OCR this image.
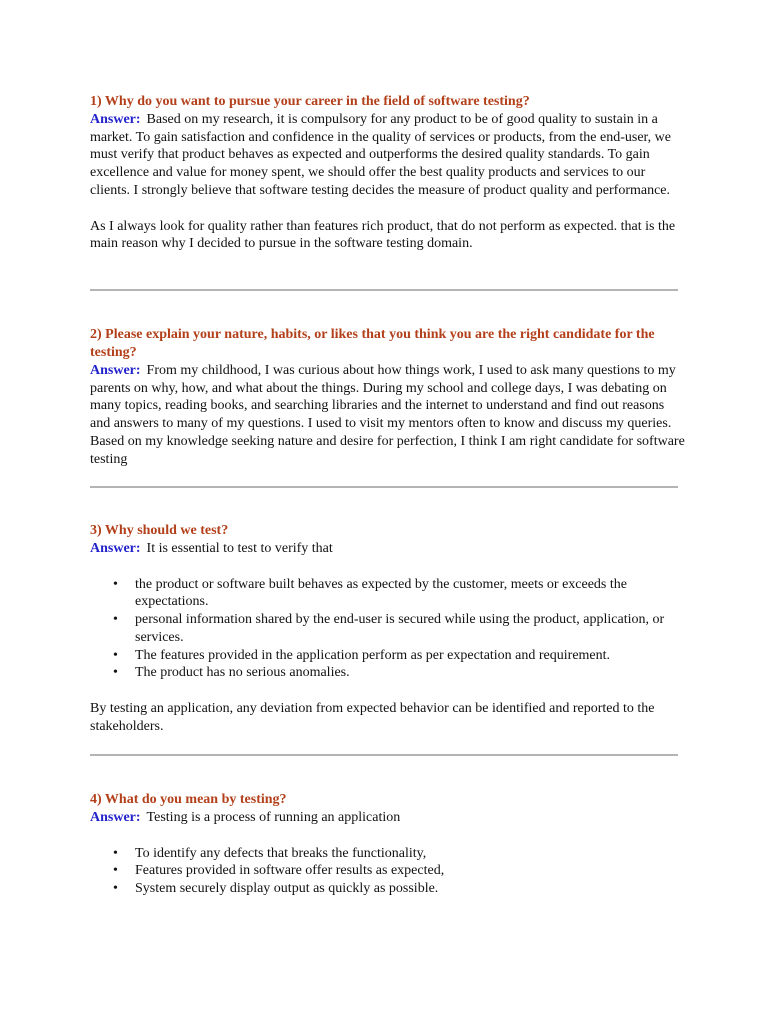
1) Why do you want to pursue your career in the field of software testing?

Answer: Based on my research, it is compulsory for any product to be of good quality to sustain in a market. To gain satisfaction and confidence in the quality of services or products, from the end-user, we must verify that product behaves as expected and outperforms the desired quality standards. To gain excellence and value for money spent, we should offer the best quality products and services to our clients. I strongly believe that software testing decides the measure of product quality and performance.

As I always look for quality rather than features rich product, that do not perform as expected. that is the main reason why I decided to pursue in the software testing domain.

2) Please explain your nature, habits, or likes that you think you are the right candidate for the testing?

Answer: From my childhood, I was curious about how things work, I used to ask many questions to my parents on why, how, and what about the things. During my school and college days, I was debating on many topics, reading books, and searching libraries and the internet to understand and find out reasons and answers to many of my questions. I used to visit my mentors often to know and discuss my queries. Based on my knowledge seeking nature and desire for perfection, I think I am right candidate for software testing

3) Why should we test?

Answer: It is essential to test to verify that

• the product or software built behaves as expected by the customer, meets or exceeds the expectations.
• personal information shared by the end-user is secured while using the product, application, or services.
• The features provided in the application perform as per expectation and requirement.
• The product has no serious anomalies.

By testing an application, any deviation from expected behavior can be identified and reported to the stakeholders.

4) What do you mean by testing?

Answer: Testing is a process of running an application

• To identify any defects that breaks the functionality,
• Features provided in software offer results as expected,
• System securely display output as quickly as possible.
